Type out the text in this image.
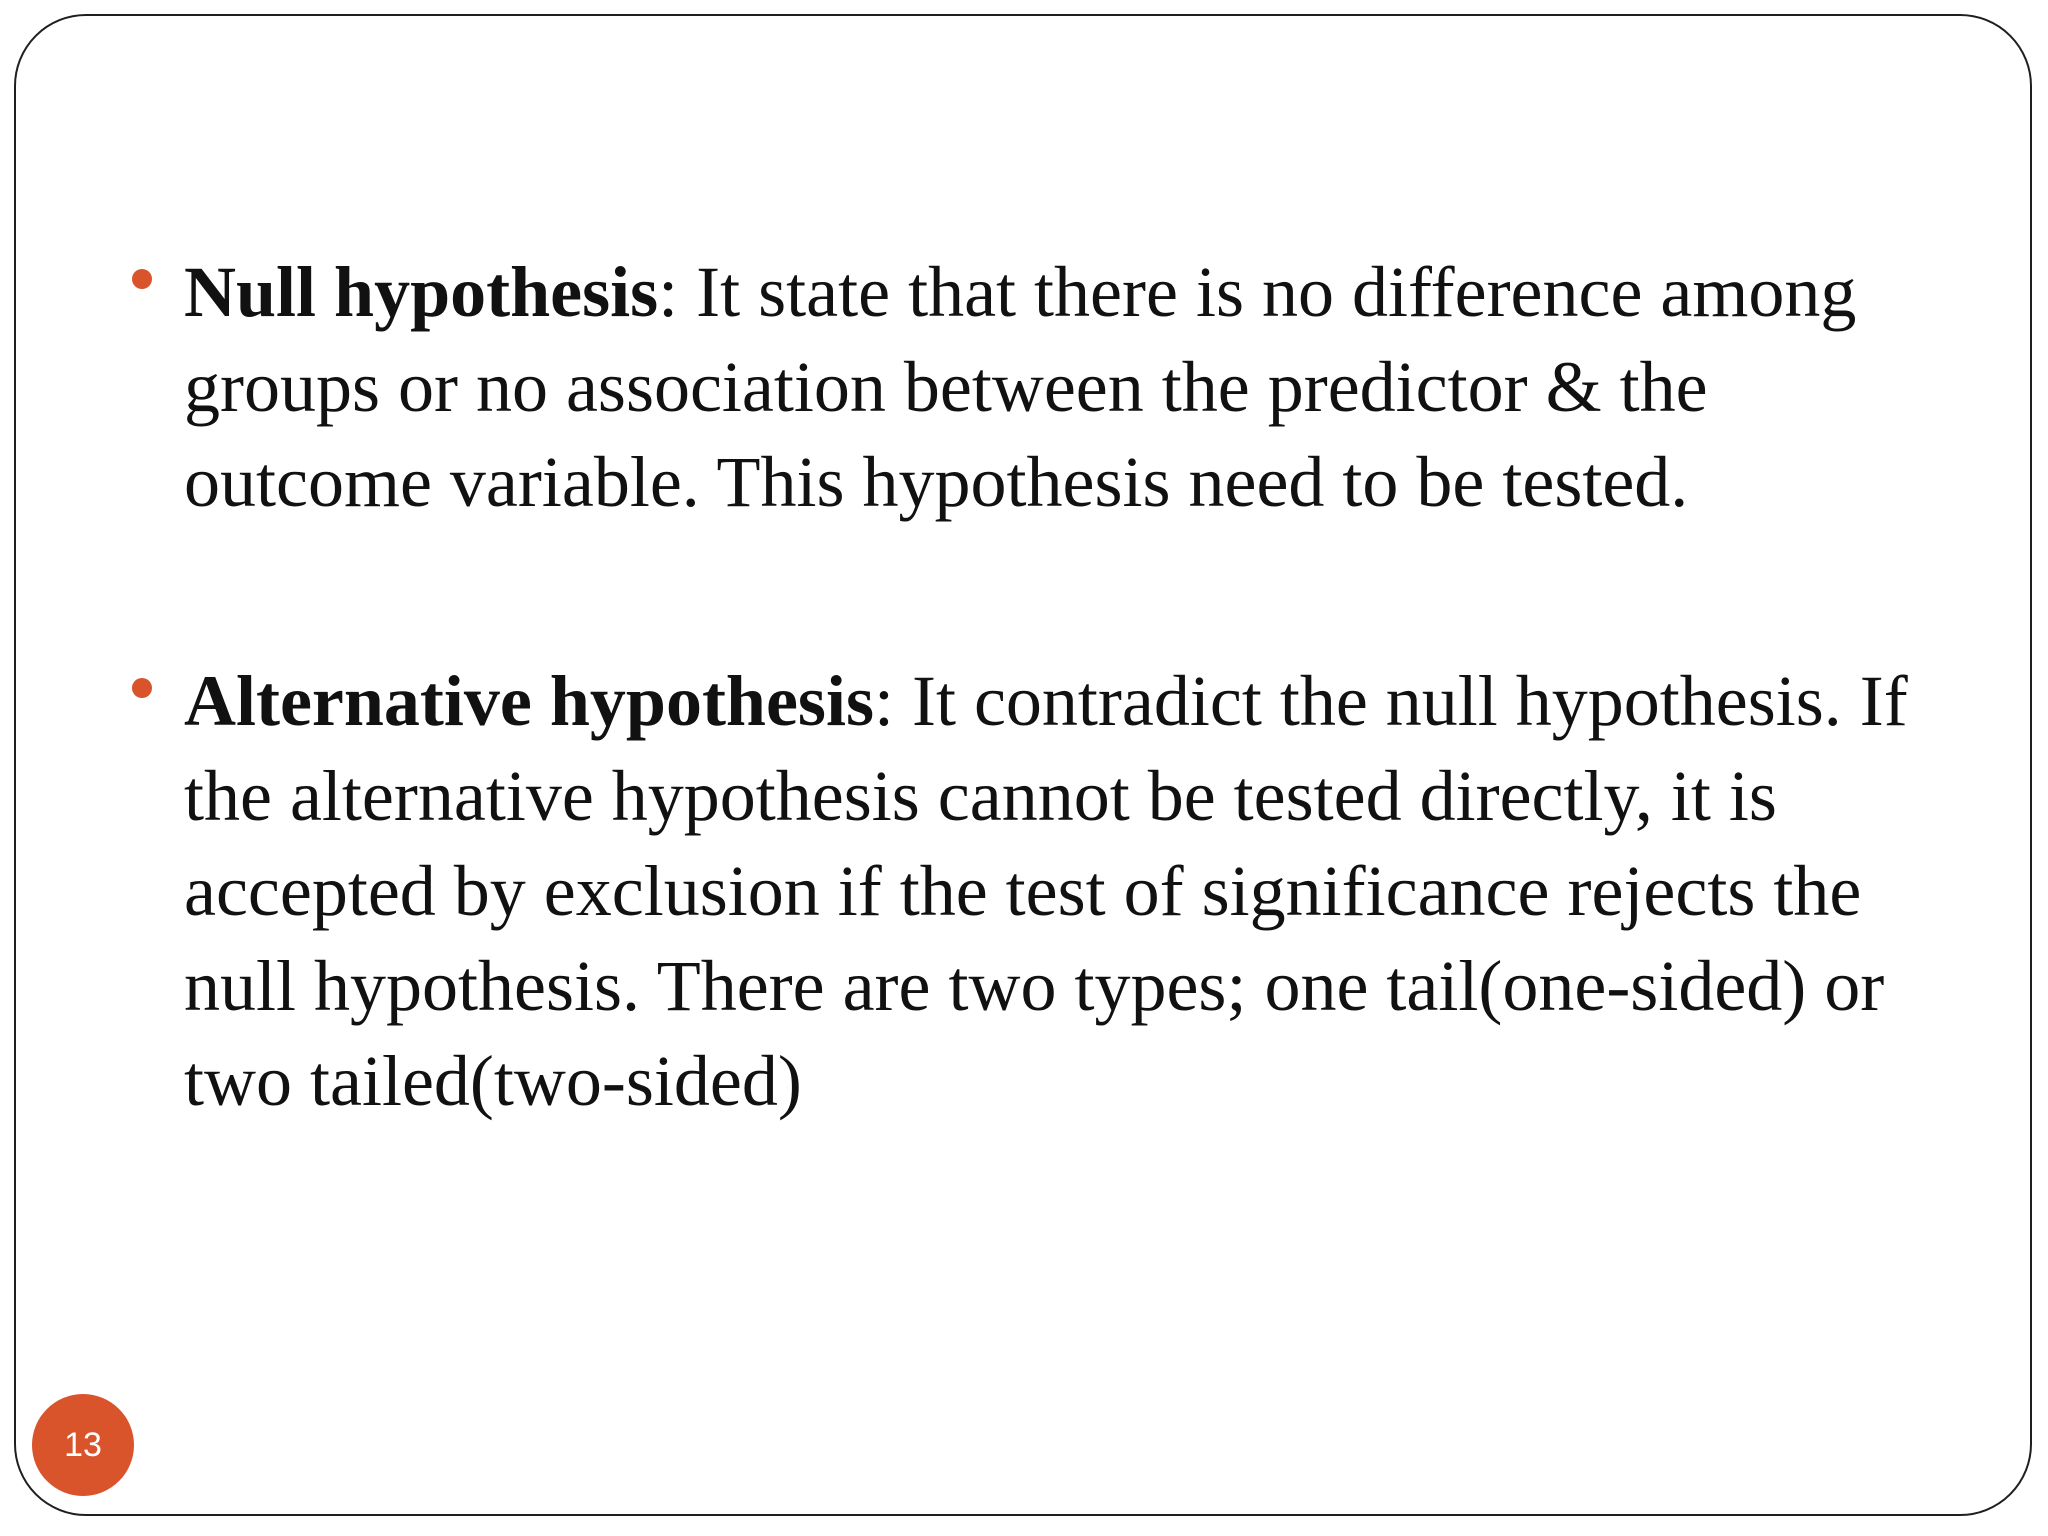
Null hypothesis: It state that there is no difference among groups or no association between the predictor & the outcome variable. This hypothesis need to be tested.
Alternative hypothesis: It contradict the null hypothesis. If the alternative hypothesis cannot be tested directly, it is accepted by exclusion if the test of significance rejects the null hypothesis. There are two types; one tail(one-sided) or two tailed(two-sided)
13
